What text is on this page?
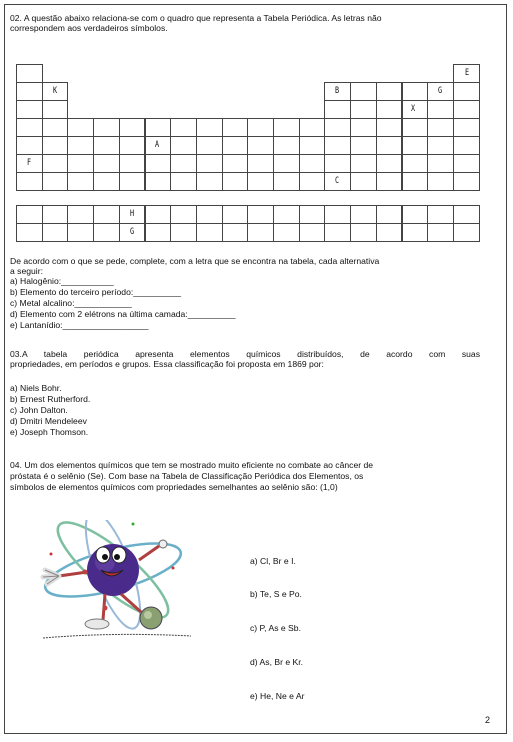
02. A questão abaixo relaciona-se com o quadro que representa a Tabela Periódica. As letras não
correspondem aos verdadeiros símbolos.
E
K	B	G
X
A
F
C
H
G
De acordo com o que se pede, complete, com a letra que se encontra na tabela, cada alternativa
a seguir:
a) Halogênio:___________
b) Elemento do terceiro período:__________
c) Metal alcalino:____________
d) Elemento com 2 elétrons na última camada:__________
e) Lantanídio:__________________
03.A tabela periódica apresenta elementos químicos distribuídos, de acordo com suas
propriedades, em períodos e grupos. Essa classificação foi proposta em 1869 por:
a) Niels Bohr.
b) Ernest Rutherford.
c) John Dalton.
d) Dmitri Mendeleev
e) Joseph Thomson.
04. Um dos elementos químicos que tem se mostrado muito eficiente no combate ao câncer de
próstata é o selênio (Se). Com base na Tabela de Classificação Periódica dos Elementos, os
símbolos de elementos químicos com propriedades semelhantes ao selênio são: (1,0)

a) Cl, Br e I.

b) Te, S e Po.

c) P, As e Sb.

d) As, Br e Kr.

e) He, Ne e Ar

2
